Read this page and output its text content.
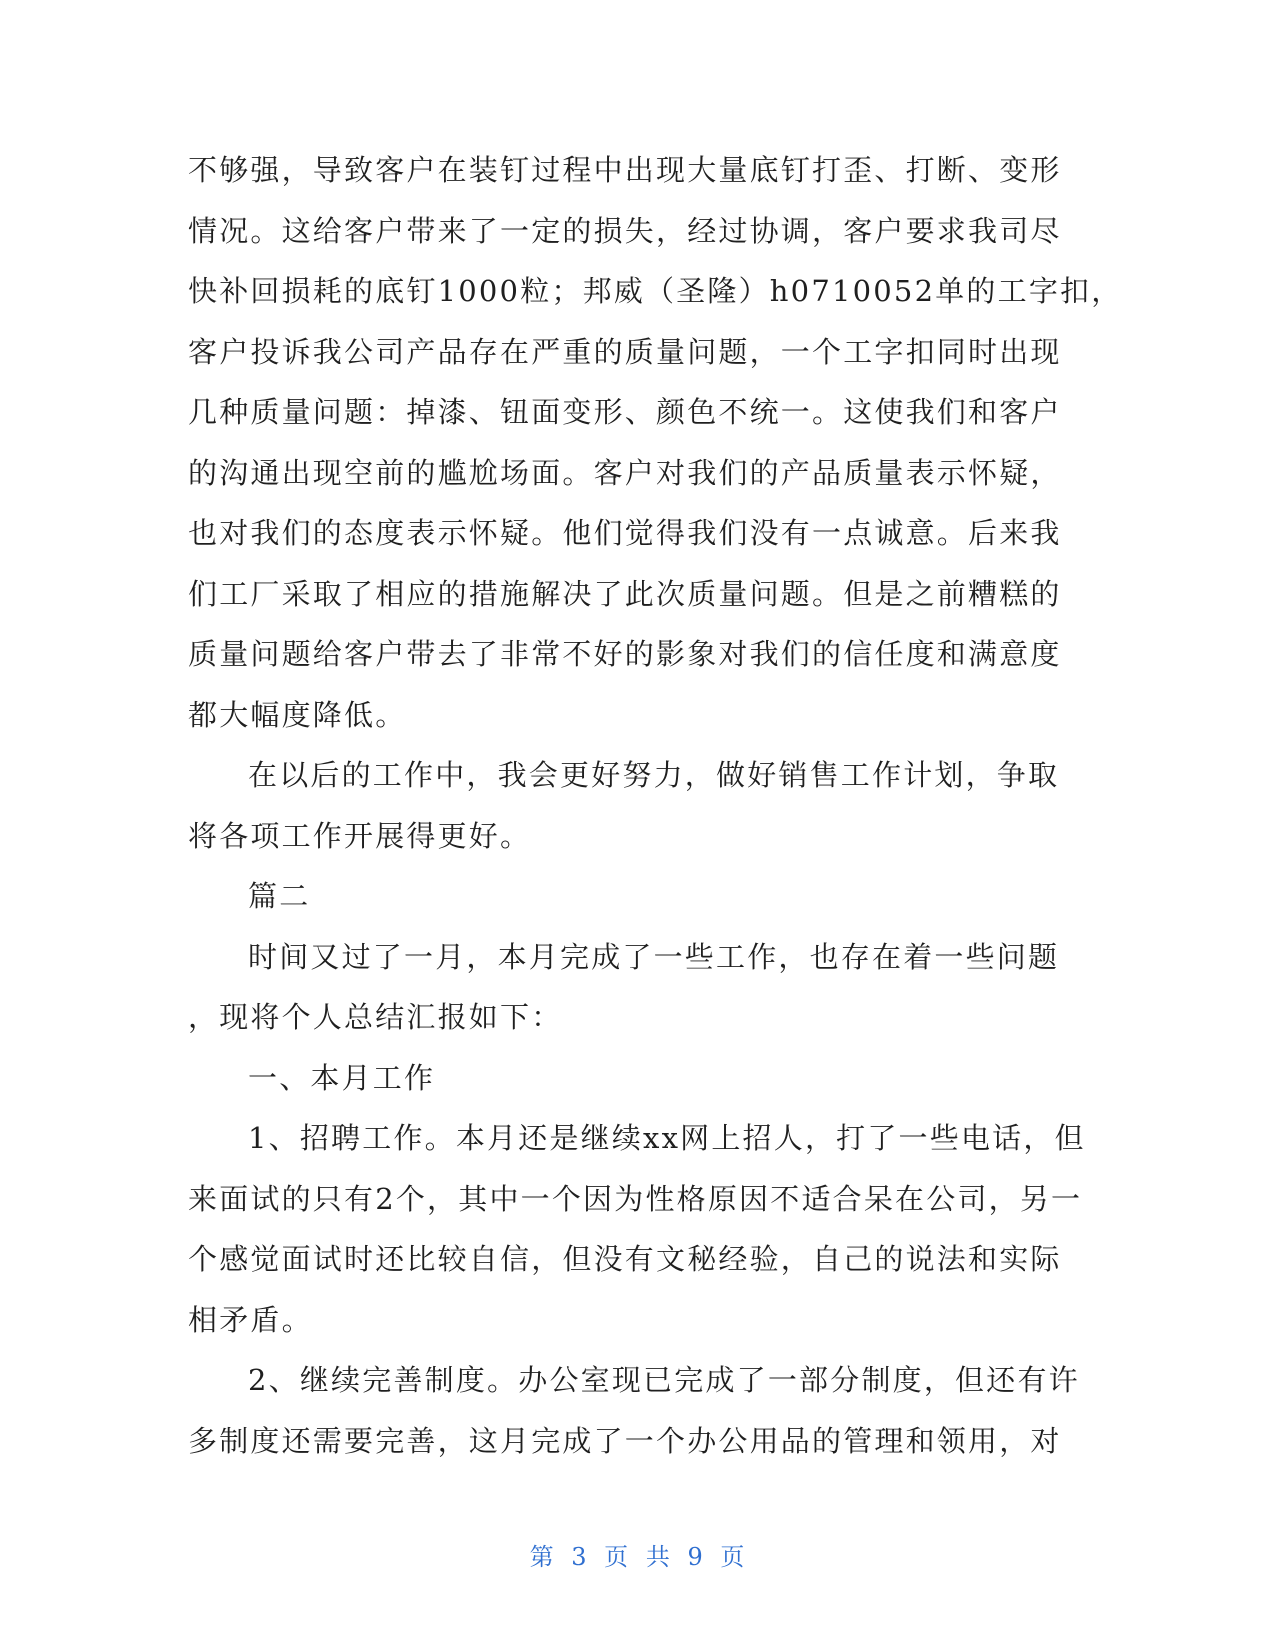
不够强，导致客户在装钉过程中出现大量底钉打歪、打断、变形
情况。这给客户带来了一定的损失，经过协调，客户要求我司尽
快补回损耗的底钉1000粒；邦威（圣隆）h0710052单的工字扣，
客户投诉我公司产品存在严重的质量问题，一个工字扣同时出现
几种质量问题：掉漆、钮面变形、颜色不统一。这使我们和客户
的沟通出现空前的尴尬场面。客户对我们的产品质量表示怀疑，
也对我们的态度表示怀疑。他们觉得我们没有一点诚意。后来我
们工厂采取了相应的措施解决了此次质量问题。但是之前糟糕的
质量问题给客户带去了非常不好的影象对我们的信任度和满意度
都大幅度降低。
在以后的工作中，我会更好努力，做好销售工作计划，争取
将各项工作开展得更好。
篇二
时间又过了一月，本月完成了一些工作，也存在着一些问题
，现将个人总结汇报如下：
一、本月工作
1、招聘工作。本月还是继续xx网上招人，打了一些电话，但
来面试的只有2个，其中一个因为性格原因不适合呆在公司，另一
个感觉面试时还比较自信，但没有文秘经验，自己的说法和实际
相矛盾。
2、继续完善制度。办公室现已完成了一部分制度，但还有许
多制度还需要完善，这月完成了一个办公用品的管理和领用，对
第 3 页 共 9 页
